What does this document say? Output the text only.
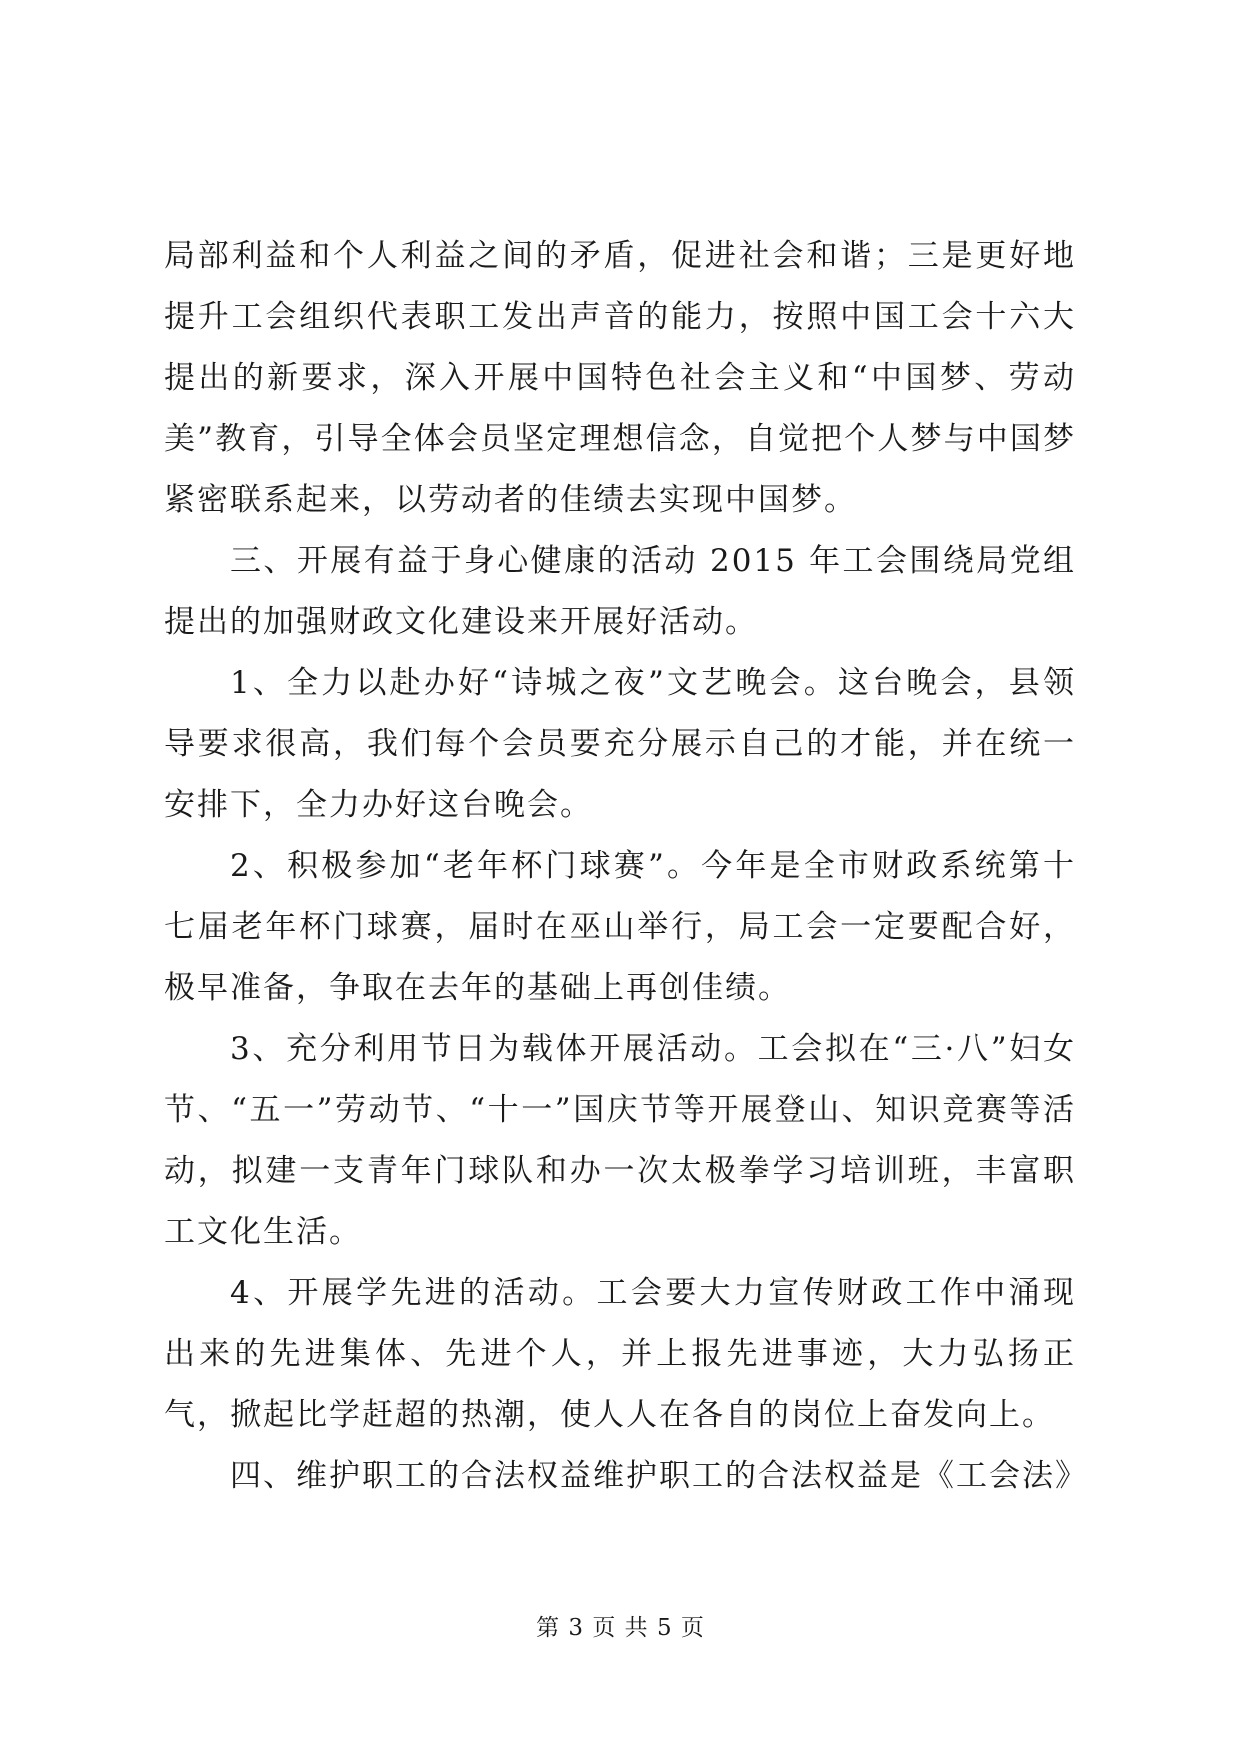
局部利益和个人利益之间的矛盾，促进社会和谐；三是更好地提升工会组织代表职工发出声音的能力，按照中国工会十六大提出的新要求，深入开展中国特色社会主义和“中国梦、劳动美”教育，引导全体会员坚定理想信念，自觉把个人梦与中国梦紧密联系起来，以劳动者的佳绩去实现中国梦。

三、开展有益于身心健康的活动 2015 年工会围绕局党组提出的加强财政文化建设来开展好活动。

1、全力以赴办好“诗城之夜”文艺晚会。这台晚会，县领导要求很高，我们每个会员要充分展示自己的才能，并在统一安排下，全力办好这台晚会。

2、积极参加“老年杯门球赛”。今年是全市财政系统第十七届老年杯门球赛，届时在巫山举行，局工会一定要配合好，极早准备，争取在去年的基础上再创佳绩。

3、充分利用节日为载体开展活动。工会拟在“三·八”妇女节、“五一”劳动节、“十一”国庆节等开展登山、知识竞赛等活动，拟建一支青年门球队和办一次太极拳学习培训班，丰富职工文化生活。

4、开展学先进的活动。工会要大力宣传财政工作中涌现出来的先进集体、先进个人，并上报先进事迹，大力弘扬正气，掀起比学赶超的热潮，使人人在各自的岗位上奋发向上。

四、维护职工的合法权益维护职工的合法权益是《工会法》

第 3 页 共 5 页
